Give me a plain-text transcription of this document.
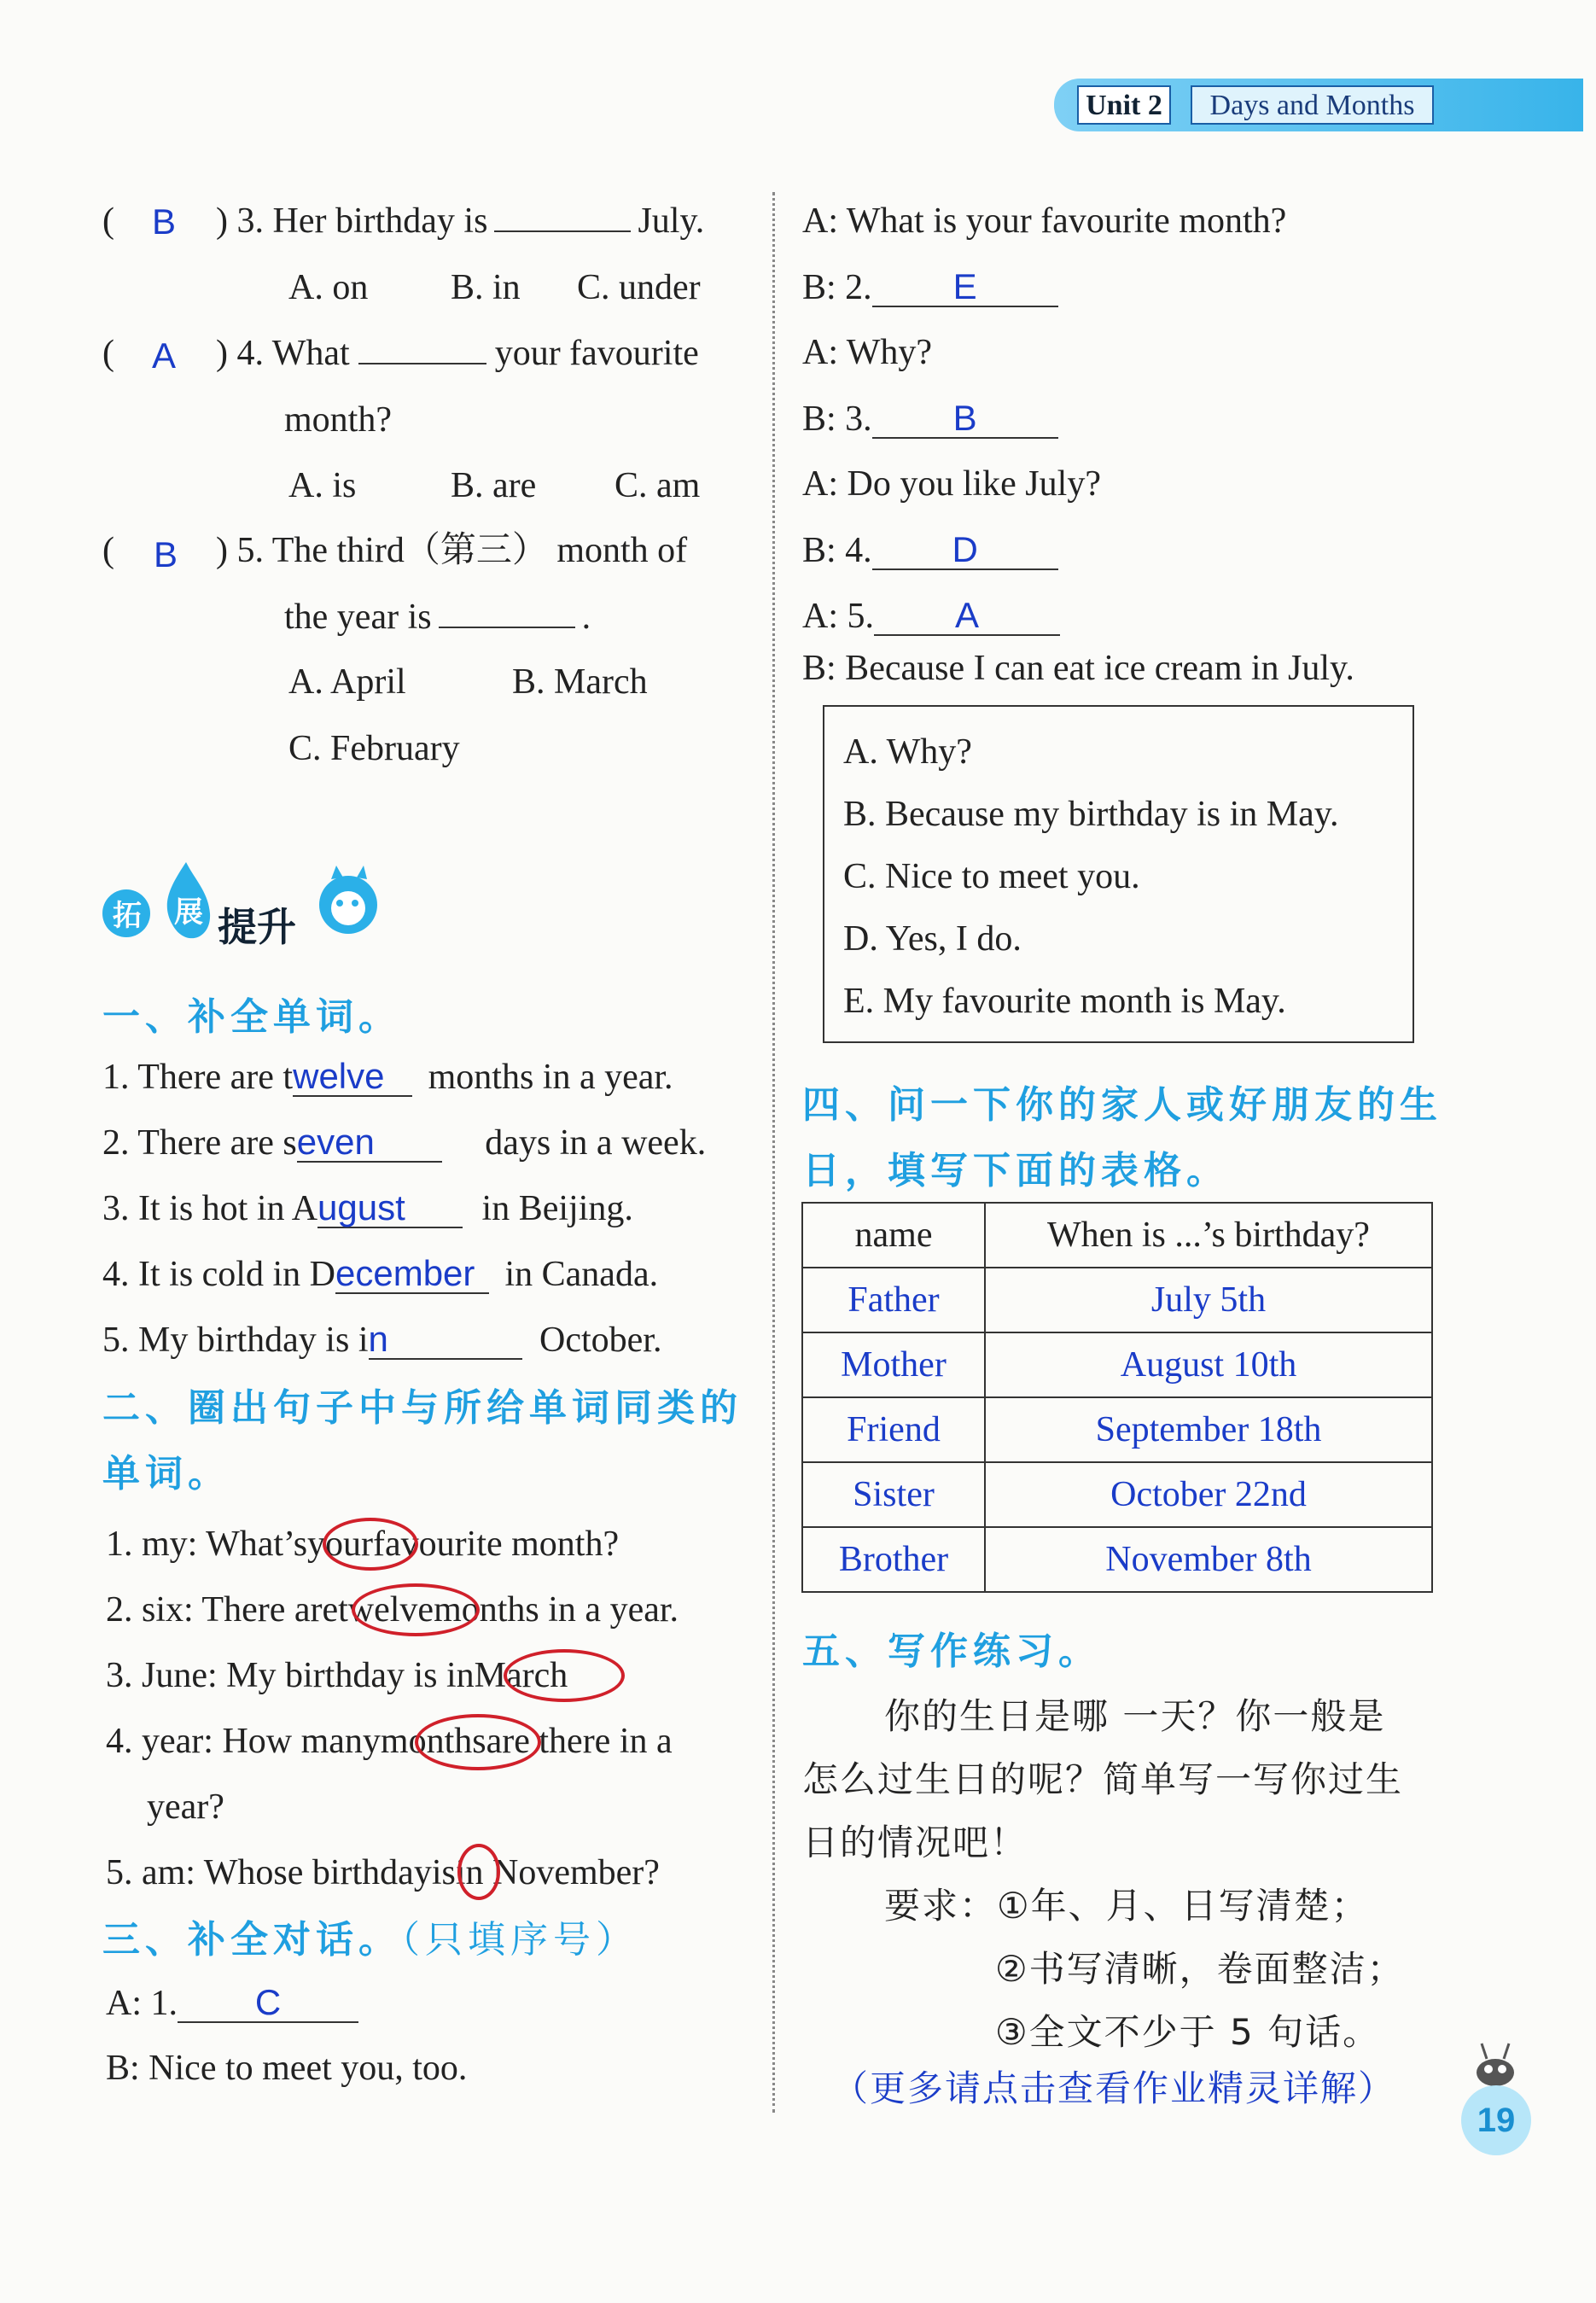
Unit 2	Days and Months
( B ) 3. Her birthday is	July.
A. on B. in C. under
( A ) 4. What	your favourite
month?
A. is	B. are C. am
( B ) 5. The third（第三） month of
the year is	.
A. April	B. March
C. February
拓 展 提升
一、补全单词。
1. There are twelve months in a year.
2. There are seven	days in a week.
3. It is hot in August in Beijing.
4. It is cold in December in Canada.
5. My birthday is in	October.
二、圈出句子中与所给单词同类的
单词。
1. my: What’syourfavourite month?
2. six: There aretwelvemonths in a year.
3. June: My birthday is inMarch
4. year: How manymonthsare there in a
year?
5. am: Whose birthdayisin November?
三、补全对话。（只填序号）
A: 1. C
B: Nice to meet you, too.
A: What is your favourite month?
B: 2. E
A: Why?
B: 3. B
A: Do you like July?
B: 4. D
A: 5. A
B: Because I can eat ice cream in July.
A. Why?
B. Because my birthday is in May.
C. Nice to meet you.
D. Yes, I do.
E. My favourite month is May.
四、问一下你的家人或好朋友的生
日，填写下面的表格。
name	When is ...’s birthday?
Father	July 5th
Mother	August 10th
Friend	September 18th
Sister	October 22nd
Brother	November 8th
五、写作练习。
你的生日是哪 一天？你一般是
怎么过生日的呢？简单写一写你过生
日的情况吧！
要求：①年、月、日写清楚；
②书写清晰，卷面整洁；
③全文不少于 5 句话。
（更多请点击查看作业精灵详解）
19
